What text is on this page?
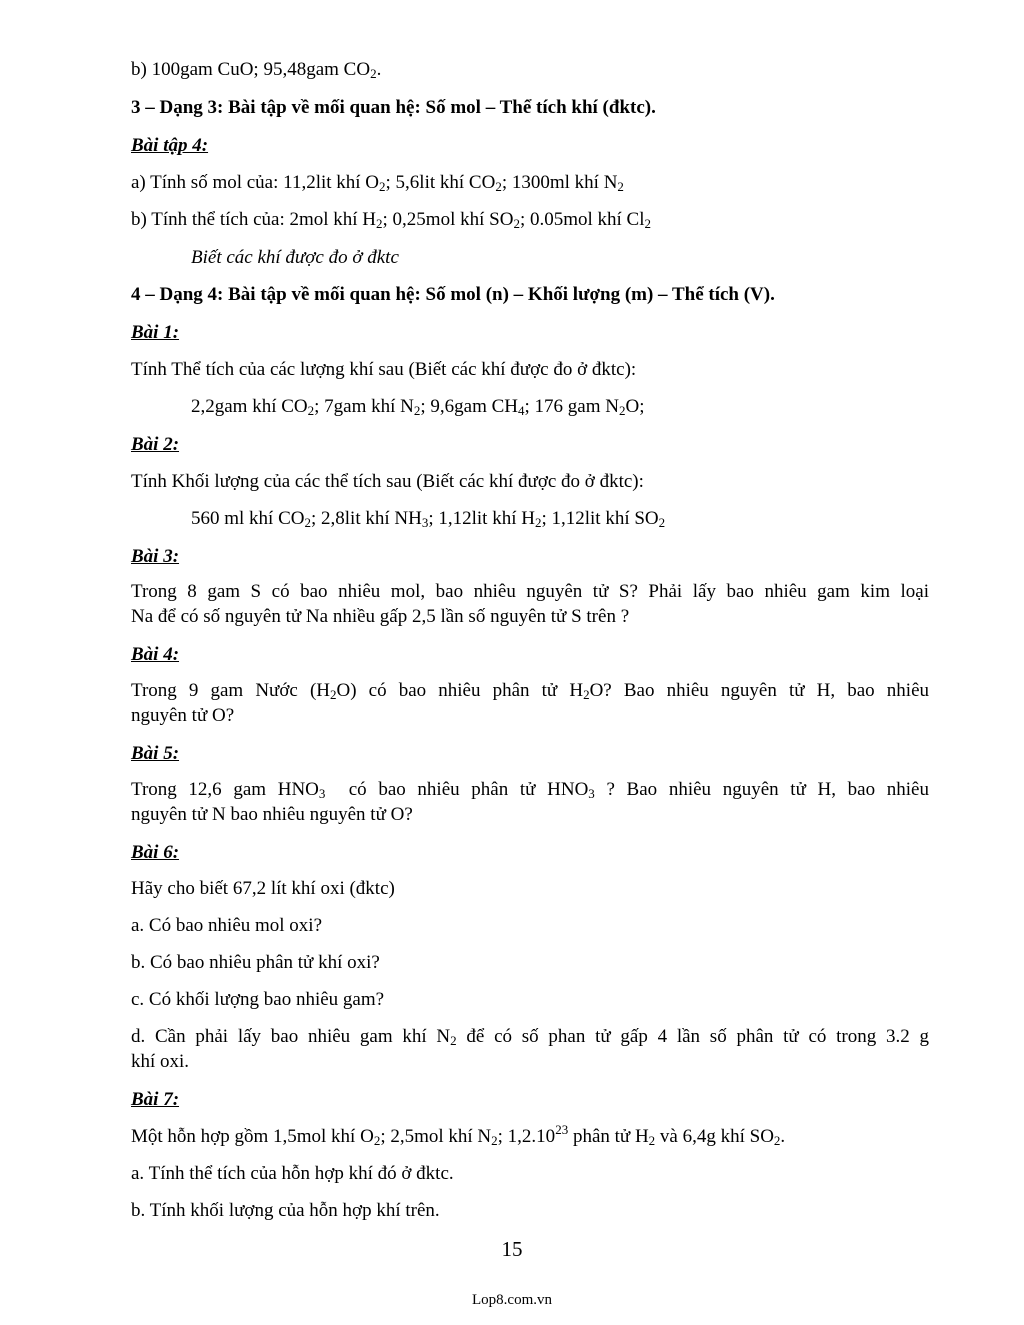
b) 100gam CuO; 95,48gam $CO_2$.
3 – Dạng 3: Bài tập về mối quan hệ: Số mol – Thể tích khí (đktc).
Bài tập 4:
a) Tính số mol của: 11,2lit khí $O_2$; 5,6lit khí $CO_2$; 1300ml khí $N_2$
b) Tính thể tích của: 2mol khí $H_2$; 0,25mol khí $SO_2$; 0.05mol khí $Cl_2$
Biết các khí được đo ở đktc
4 – Dạng 4: Bài tập về mối quan hệ: Số mol (n) – Khối lượng (m) – Thể tích (V).
Bài 1:
Tính Thể tích của các lượng khí sau (Biết các khí được đo ở đktc):
2,2gam khí $CO_2$; 7gam khí $N_2$; 9,6gam $CH_4$; 176 gam $N_2O$;
Bài 2:
Tính Khối lượng của các thể tích sau (Biết các khí được đo ở đktc):
560 ml khí $CO_2$; 2,8lit khí $NH_3$; 1,12lit khí $H_2$; 1,12lit khí $SO_2$
Bài 3:
Trong 8 gam S có bao nhiêu mol, bao nhiêu nguyên tử S? Phải lấy bao nhiêu gam kim loại
Na để có số nguyên tử Na nhiều gấp 2,5 lần số nguyên tử S trên ?
Bài 4:
Trong 9 gam Nước $(H_2O)$ có bao nhiêu phân tử $H_2O$? Bao nhiêu nguyên tử H, bao nhiêu
nguyên tử O?
Bài 5:
Trong 12,6 gam $HNO_3$  có bao nhiêu phân tử $HNO_3$ ? Bao nhiêu nguyên tử H, bao nhiêu
nguyên tử N bao nhiêu nguyên tử O?
Bài 6:
Hãy cho biết 67,2 lít khí oxi (đktc)
a. Có bao nhiêu mol oxi?
b. Có bao nhiêu phân tử khí oxi?
c. Có khối lượng bao nhiêu gam?
d. Cần phải lấy bao nhiêu gam khí $N_2$ để có số phan tử gấp 4 lần số phân tử có trong 3.2 g
khí oxi.
Bài 7:
Một hỗn hợp gồm 1,5mol khí $O_2$; 2,5mol khí $N_2$; 1,2.10$^{23}$ phân tử $H_2$ và 6,4g khí $SO_2$.
a. Tính thể tích của hỗn hợp khí đó ở đktc.
b. Tính khối lượng của hỗn hợp khí trên.
15
Lop8.com.vn
